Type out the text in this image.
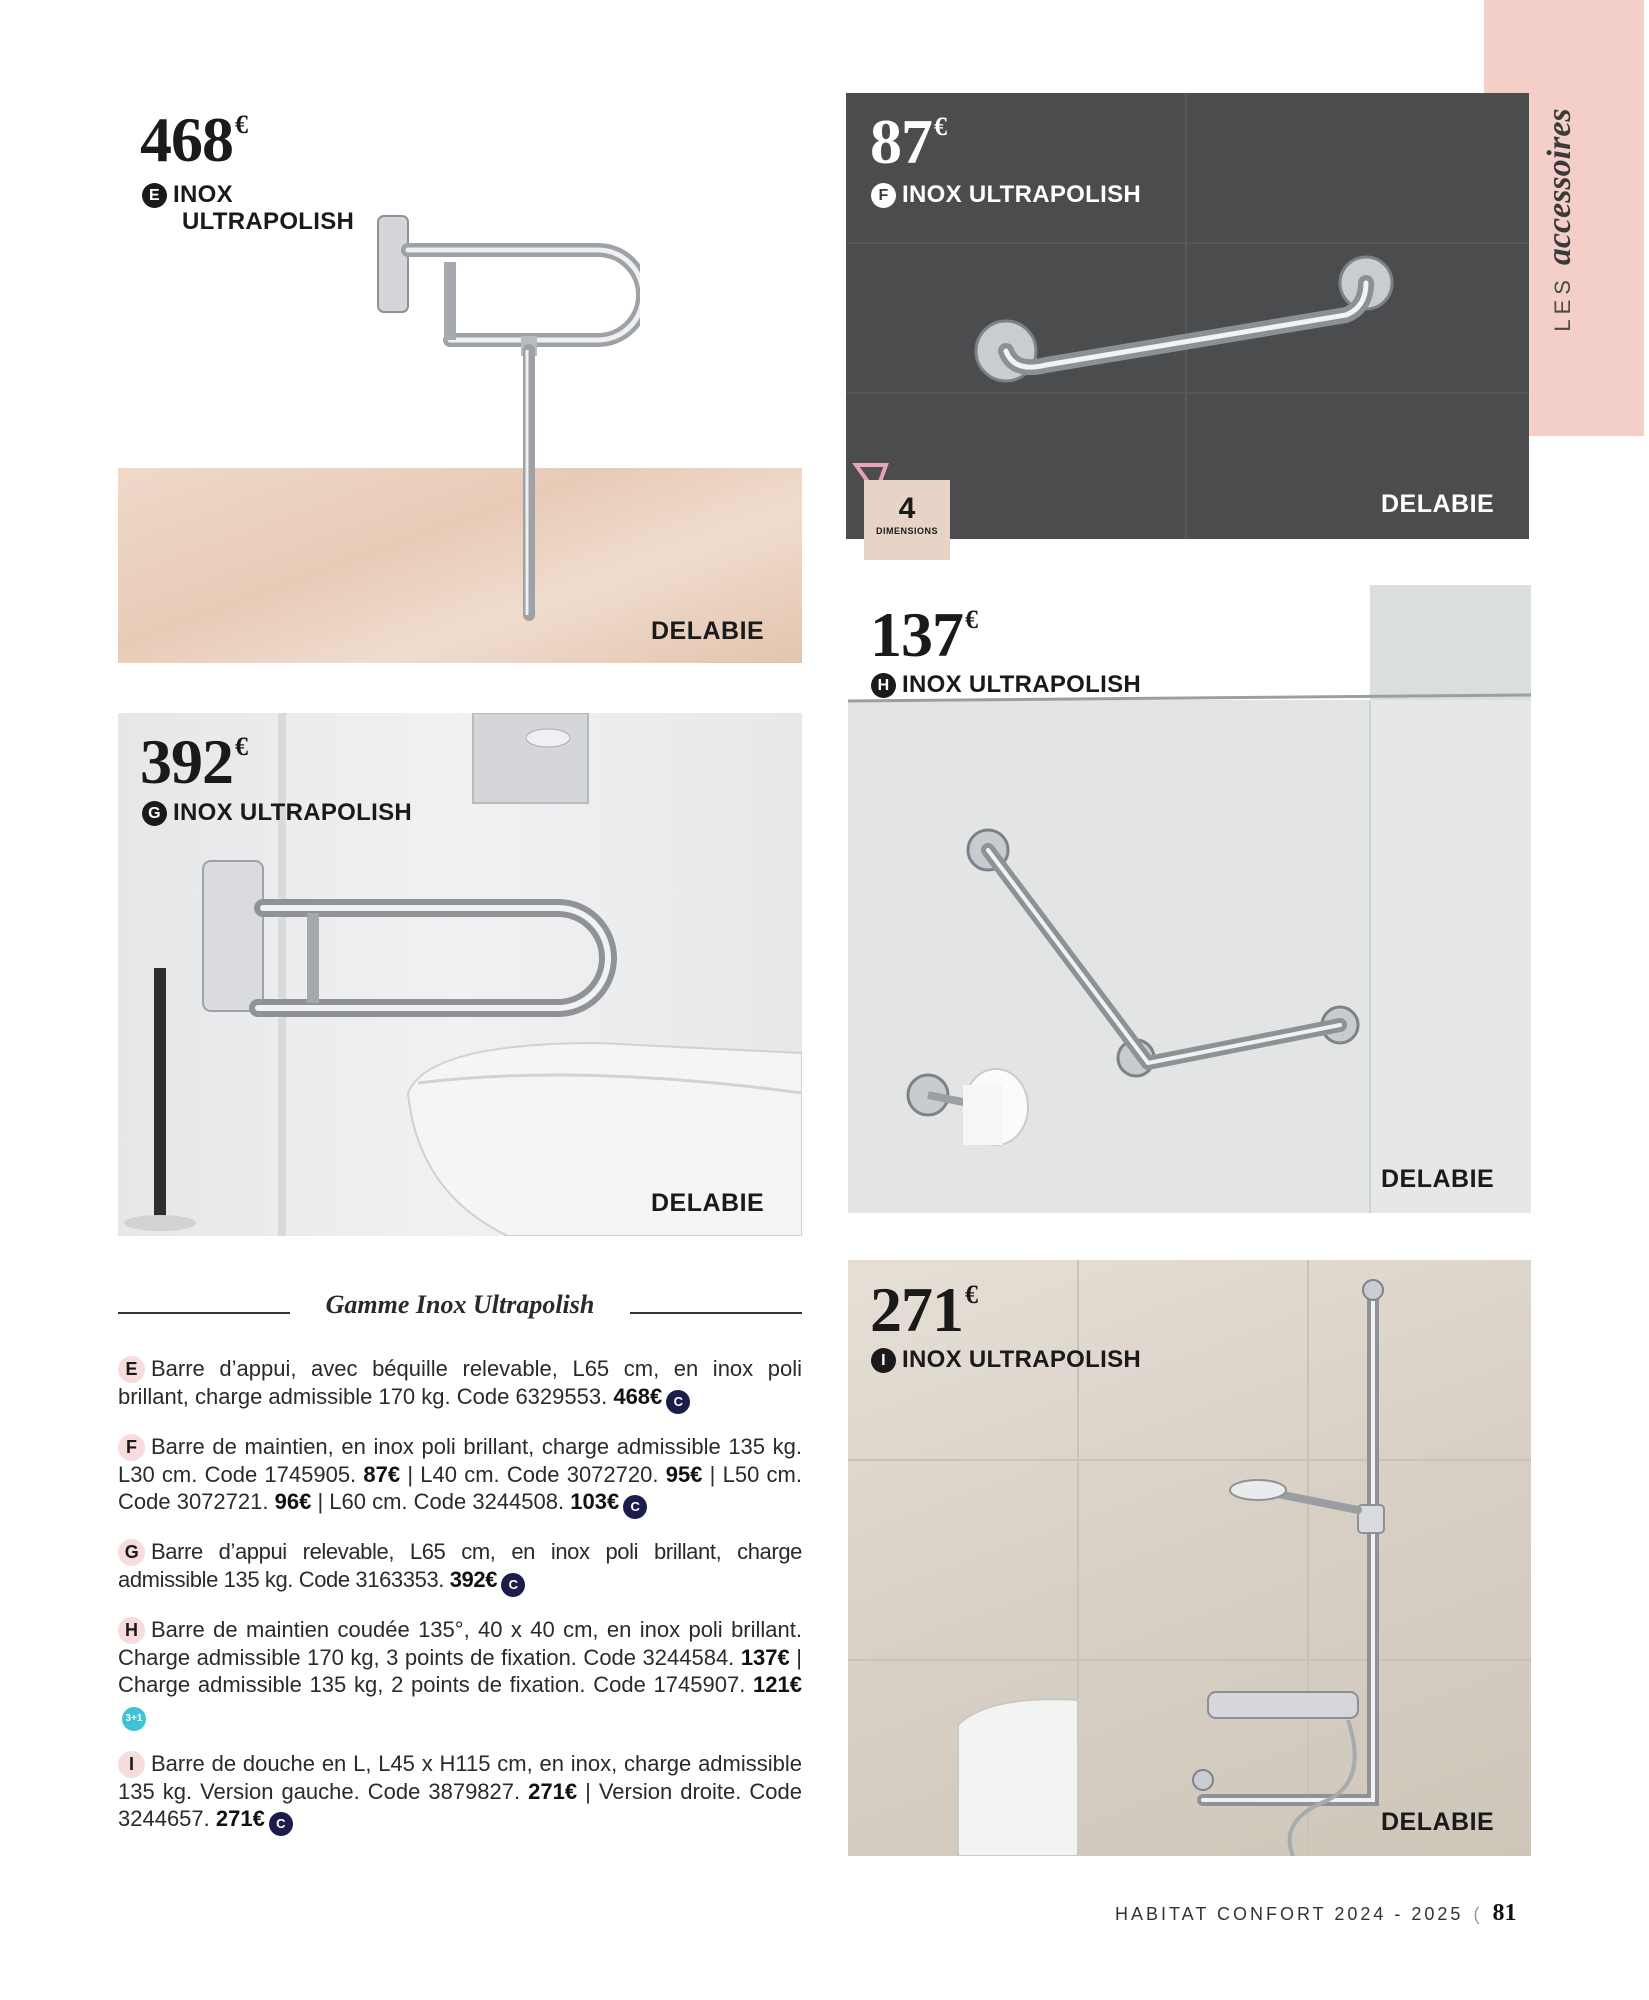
LESaccessoires
468€
E INOX
ULTRAPOLISH
DELABIE
87€
F INOX ULTRAPOLISH
4
DIMENSIONS
DELABIE
392€
G INOX ULTRAPOLISH
DELABIE
137€
H INOX ULTRAPOLISH
DELABIE
271€
I INOX ULTRAPOLISH
DELABIE
Gamme Inox Ultrapolish

E Barre d’appui, avec béquille relevable, L65 cm, en inox poli brillant, charge admissible 170 kg. Code 6329553. 468€ C

F Barre de maintien, en inox poli brillant, charge admissible 135 kg. L30 cm. Code 1745905. 87€ | L40 cm. Code 3072720. 95€ | L50 cm. Code 3072721. 96€ | L60 cm. Code 3244508. 103€ C

G Barre d’appui relevable, L65 cm, en inox poli brillant, charge admissible 135 kg. Code 3163353. 392€ C

H Barre de maintien coudée 135°, 40 x 40 cm, en inox poli brillant. Charge admissible 170 kg, 3 points de fixation. Code 3244584. 137€ | Charge admissible 135 kg, 2 points de fixation. Code 1745907. 121€3+1

I Barre de douche en L, L45 x H115 cm, en inox, charge admissible 135 kg. Version gauche. Code 3879827. 271€ | Version droite. Code 3244657. 271€ C

HABITAT CONFORT 2024 - 2025 ( 81
